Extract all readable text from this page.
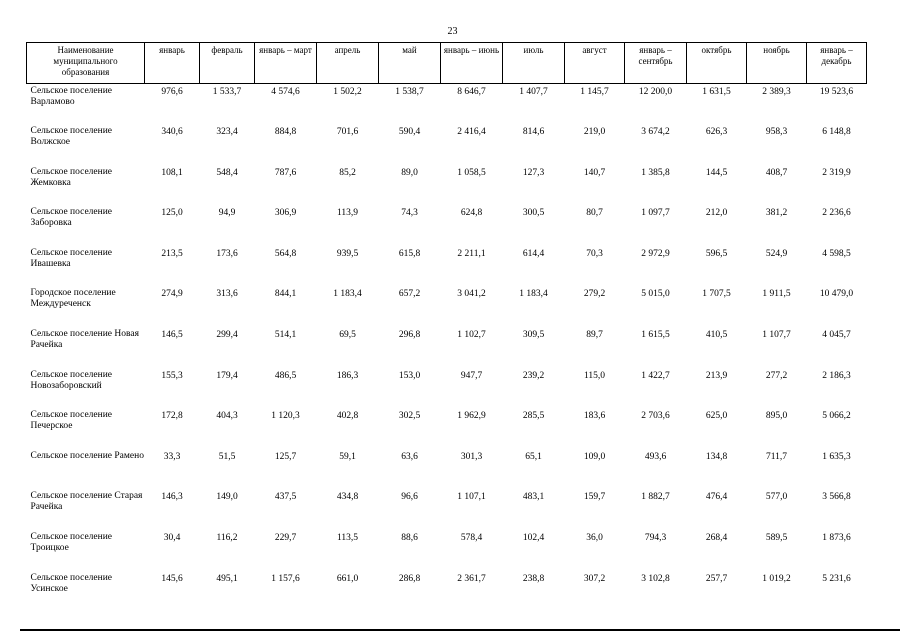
23
Наименование муниципального образования	январь	февраль	январь – март	апрель	май	январь – июнь	июль	август	январь – сентябрь	октябрь	ноябрь	январь – декабрь
Сельское поселение Варламово	976,6	1 533,7	4 574,6	1 502,2	1 538,7	8 646,7	1 407,7	1 145,7	12 200,0	1 631,5	2 389,3	19 523,6
Сельское поселение Волжское	340,6	323,4	884,8	701,6	590,4	2 416,4	814,6	219,0	3 674,2	626,3	958,3	6 148,8
Сельское поселение Жемковка	108,1	548,4	787,6	85,2	89,0	1 058,5	127,3	140,7	1 385,8	144,5	408,7	2 319,9
Сельское поселение Заборовка	125,0	94,9	306,9	113,9	74,3	624,8	300,5	80,7	1 097,7	212,0	381,2	2 236,6
Сельское поселение Ивашевка	213,5	173,6	564,8	939,5	615,8	2 211,1	614,4	70,3	2 972,9	596,5	524,9	4 598,5
Городское поселение Междуреченск	274,9	313,6	844,1	1 183,4	657,2	3 041,2	1 183,4	279,2	5 015,0	1 707,5	1 911,5	10 479,0
Сельское поселение Новая Рачейка	146,5	299,4	514,1	69,5	296,8	1 102,7	309,5	89,7	1 615,5	410,5	1 107,7	4 045,7
Сельское поселение Новозаборовский	155,3	179,4	486,5	186,3	153,0	947,7	239,2	115,0	1 422,7	213,9	277,2	2 186,3
Сельское поселение Печерское	172,8	404,3	1 120,3	402,8	302,5	1 962,9	285,5	183,6	2 703,6	625,0	895,0	5 066,2
Сельское поселение Рамено	33,3	51,5	125,7	59,1	63,6	301,3	65,1	109,0	493,6	134,8	711,7	1 635,3
Сельское поселение Старая Рачейка	146,3	149,0	437,5	434,8	96,6	1 107,1	483,1	159,7	1 882,7	476,4	577,0	3 566,8
Сельское поселение Троицкое	30,4	116,2	229,7	113,5	88,6	578,4	102,4	36,0	794,3	268,4	589,5	1 873,6
Сельское поселение Усинское	145,6	495,1	1 157,6	661,0	286,8	2 361,7	238,8	307,2	3 102,8	257,7	1 019,2	5 231,6
